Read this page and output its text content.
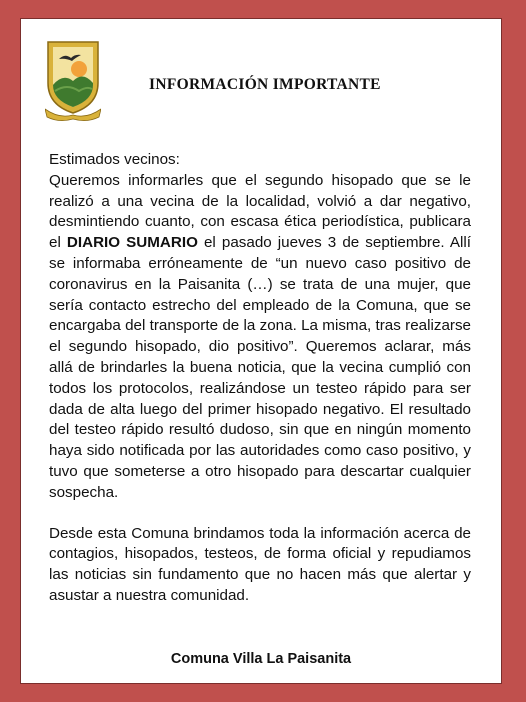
INFORMACIÓN IMPORTANTE

Estimados vecinos:

Queremos informarles que el segundo hisopado que se le realizó a una vecina de la localidad, volvió a dar negativo, desmintiendo cuanto, con escasa ética periodística, publicara el DIARIO SUMARIO el pasado jueves 3 de septiembre. Allí se informaba erróneamente de “un nuevo caso positivo de coronavirus en la Paisanita (…) se trata de una mujer, que sería contacto estrecho del empleado de la Comuna, que se encargaba del transporte de la zona. La misma, tras realizarse el segundo hisopado, dio positivo”. Queremos aclarar, más allá de brindarles la buena noticia, que la vecina cumplió con todos los protocolos, realizándose un testeo rápido para ser dada de alta luego del primer hisopado negativo. El resultado del testeo rápido resultó dudoso, sin que en ningún momento haya sido notificada por las autoridades como caso positivo, y tuvo que someterse a otro hisopado para descartar cualquier sospecha.

Desde esta Comuna brindamos toda la información acerca de contagios, hisopados, testeos, de forma oficial y repudiamos las noticias sin fundamento que no hacen más que alertar y asustar a nuestra comunidad.

Comuna Villa La Paisanita
